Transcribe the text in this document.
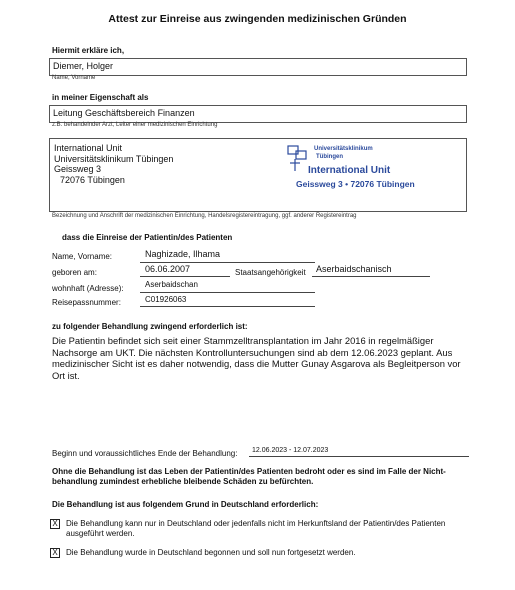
Attest zur Einreise aus zwingenden medizinischen Gründen
Hiermit erkläre ich,
Diemer, Holger
Name, Vorname
in meiner Eigenschaft als
Leitung Geschäftsbereich Finanzen
z.B. behandelnder Arzt, Leiter einer medizinischen Einrichtung
International Unit
Universitätsklinikum Tübingen
Geissweg 3
72076 Tübingen
Universitätsklinikum
Tübingen
International Unit
Geissweg 3 • 72076 Tübingen
Bezeichnung und Anschrift der medizinischen Einrichtung, Handelsregistereintragung, ggf. anderer Registereintrag
dass die Einreise der Patientin/des Patienten
Name, Vorname:	Naghizade, Ilhama
geboren am:	06.06.2007	Staatsangehörigkeit Aserbaidschanisch
wohnhaft (Adresse):	Aserbaidschan
Reisepassnummer:	C01926063
zu folgender Behandlung zwingend erforderlich ist:
Die Patientin befindet sich seit einer Stammzelltransplantation im Jahr 2016 in regelmäßiger Nachsorge am UKT. Die nächsten Kontrolluntersuchungen sind ab dem 12.06.2023 geplant. Aus medizinischer Sicht ist es daher notwendig, dass die Mutter Gunay Asgarova als Begleitperson vor Ort ist.
Beginn und voraussichtliches Ende der Behandlung: 12.06.2023 - 12.07.2023
Ohne die Behandlung ist das Leben der Patientin/des Patienten bedroht oder es sind im Falle der Nicht-behandlung zumindest erhebliche bleibende Schäden zu befürchten.
Die Behandlung ist aus folgendem Grund in Deutschland erforderlich:
X Die Behandlung kann nur in Deutschland oder jedenfalls nicht im Herkunftsland der Patientin/des Patienten ausgeführt werden.
X Die Behandlung wurde in Deutschland begonnen und soll nun fortgesetzt werden.
